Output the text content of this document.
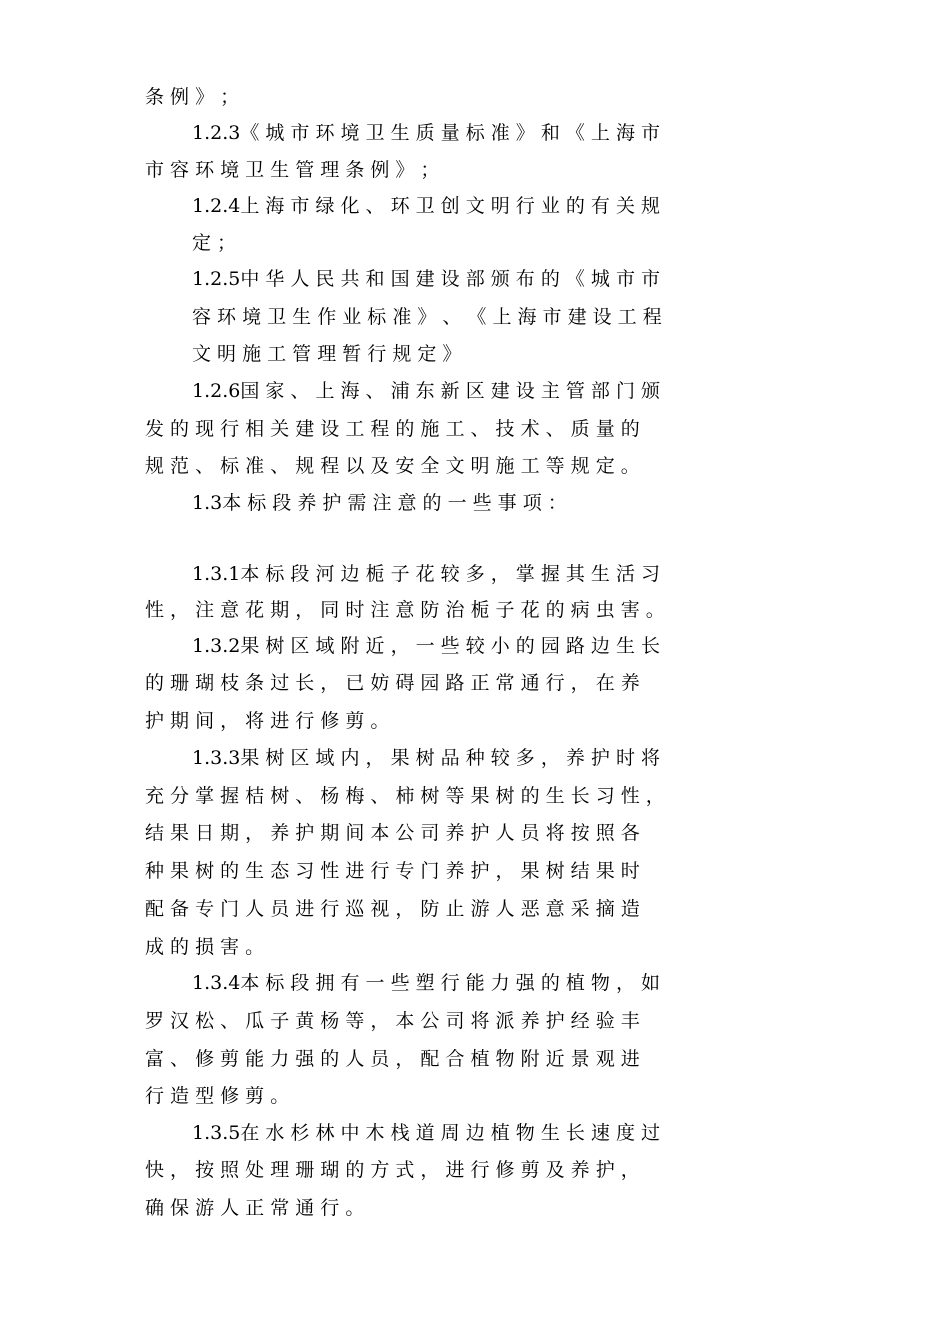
条 例 》 ；

1.2.3《 城 市 环 境 卫 生 质 量 标 准 》 和 《 上 海 市

市 容 环 境 卫 生 管 理 条 例 》 ；

1.2.4上 海 市 绿 化 、 环 卫 创 文 明 行 业 的 有 关 规

定 ；

1.2.5中 华 人 民 共 和 国 建 设 部 颁 布 的 《 城 市 市

容 环 境 卫 生 作 业 标 准 》 、 《 上 海 市 建 设 工 程

文 明 施 工 管 理 暂 行 规 定 》

1.2.6国 家 、 上 海 、 浦 东 新 区 建 设 主 管 部 门 颁

发 的 现 行 相 关 建 设 工 程 的 施 工 、 技 术 、 质 量 的

规 范 、 标 准 、 规 程 以 及 安 全 文 明 施 工 等 规 定 。

1.3本 标 段 养 护 需 注 意 的 一 些 事 项 ：

1.3.1本 标 段 河 边 栀 子 花 较 多 ， 掌 握 其 生 活 习

性 ， 注 意 花 期 ， 同 时 注 意 防 治 栀 子 花 的 病 虫 害 。

1.3.2果 树 区 域 附 近 ， 一 些 较 小 的 园 路 边 生 长

的 珊 瑚 枝 条 过 长 ， 已 妨 碍 园 路 正 常 通 行 ， 在 养

护 期 间 ， 将 进 行 修 剪 。

1.3.3果 树 区 域 内 ， 果 树 品 种 较 多 ， 养 护 时 将

充 分 掌 握 桔 树 、 杨 梅 、 柿 树 等 果 树 的 生 长 习 性 ，

结 果 日 期 ， 养 护 期 间 本 公 司 养 护 人 员 将 按 照 各

种 果 树 的 生 态 习 性 进 行 专 门 养 护 ， 果 树 结 果 时

配 备 专 门 人 员 进 行 巡 视 ， 防 止 游 人 恶 意 采 摘 造

成 的 损 害 。

1.3.4本 标 段 拥 有 一 些 塑 行 能 力 强 的 植 物 ， 如

罗 汉 松 、 瓜 子 黄 杨 等 ， 本 公 司 将 派 养 护 经 验 丰

富 、 修 剪 能 力 强 的 人 员 ， 配 合 植 物 附 近 景 观 进

行 造 型 修 剪 。

1.3.5在 水 杉 林 中 木 栈 道 周 边 植 物 生 长 速 度 过

快 ， 按 照 处 理 珊 瑚 的 方 式 ， 进 行 修 剪 及 养 护 ，

确 保 游 人 正 常 通 行 。
